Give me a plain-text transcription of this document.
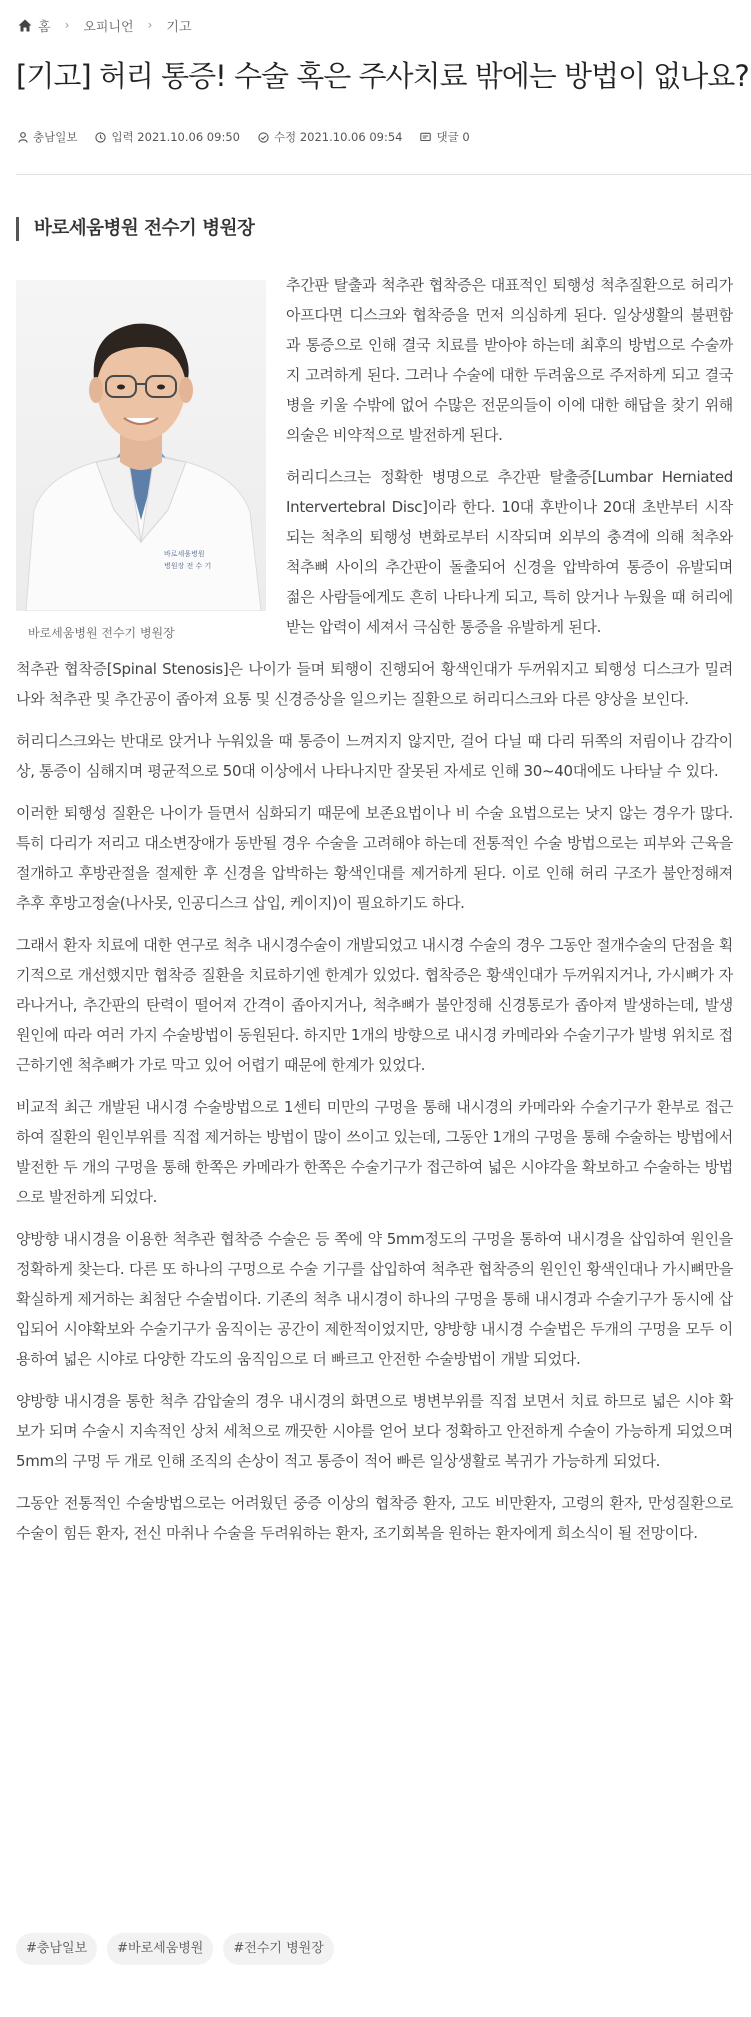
홈 › 오피니언 › 기고
[기고] 허리 통증! 수술 혹은 주사치료 밖에는 방법이 없나요?
충남일보	입력 2021.10.06 09:50	수정 2021.10.06 09:54	댓글 0
바로세움병원 전수기 병원장
바로세움병원
병원장 전 수 기
바로세움병원 전수기 병원장

추간판 탈출과 척추관 협착증은 대표적인 퇴행성 척추질환으로 허리가 아프다면 디스크와 협착증을 먼저 의심하게 된다. 일상생활의 불편함과 통증으로 인해 결국 치료를 받아야 하는데 최후의 방법으로 수술까지 고려하게 된다. 그러나 수술에 대한 두려움으로 주저하게 되고 결국 병을 키울 수밖에 없어 수많은 전문의들이 이에 대한 해답을 찾기 위해 의술은 비약적으로 발전하게 된다.

허리디스크는 정확한 병명으로 추간판 탈출증[Lumbar Herniated Intervertebral Disc]이라 한다. 10대 후반이나 20대 초반부터 시작되는 척추의 퇴행성 변화로부터 시작되며 외부의 충격에 의해 척추와 척추뼈 사이의 추간판이 돌출되어 신경을 압박하여 통증이 유발되며 젊은 사람들에게도 흔히 나타나게 되고, 특히 앉거나 누웠을 때 허리에 받는 압력이 세져서 극심한 통증을 유발하게 된다.

척추관 협착증[Spinal Stenosis]은 나이가 들며 퇴행이 진행되어 황색인대가 두꺼워지고 퇴행성 디스크가 밀려나와 척추관 및 추간공이 좁아져 요통 및 신경증상을 일으키는 질환으로 허리디스크와 다른 양상을 보인다.

허리디스크와는 반대로 앉거나 누워있을 때 통증이 느껴지지 않지만, 걸어 다닐 때 다리 뒤쪽의 저림이나 감각이상, 통증이 심해지며 평균적으로 50대 이상에서 나타나지만 잘못된 자세로 인해 30~40대에도 나타날 수 있다.

이러한 퇴행성 질환은 나이가 들면서 심화되기 때문에 보존요법이나 비 수술 요법으로는 낫지 않는 경우가 많다. 특히 다리가 저리고 대소변장애가 동반될 경우 수술을 고려해야 하는데 전통적인 수술 방법으로는 피부와 근육을 절개하고 후방관절을 절제한 후 신경을 압박하는 황색인대를 제거하게 된다. 이로 인해 허리 구조가 불안정해져 추후 후방고정술(나사못, 인공디스크 삽입, 케이지)이 필요하기도 하다.

그래서 환자 치료에 대한 연구로 척추 내시경수술이 개발되었고 내시경 수술의 경우 그동안 절개수술의 단점을 획기적으로 개선했지만 협착증 질환을 치료하기엔 한계가 있었다. 협착증은 황색인대가 두꺼워지거나, 가시뼈가 자라나거나, 추간판의 탄력이 떨어져 간격이 좁아지거나, 척추뼈가 불안정해 신경통로가 좁아져 발생하는데, 발생 원인에 따라 여러 가지 수술방법이 동원된다. 하지만 1개의 방향으로 내시경 카메라와 수술기구가 발병 위치로 접근하기엔 척추뼈가 가로 막고 있어 어렵기 때문에 한계가 있었다.

비교적 최근 개발된 내시경 수술방법으로 1센티 미만의 구멍을 통해 내시경의 카메라와 수술기구가 환부로 접근하여 질환의 원인부위를 직접 제거하는 방법이 많이 쓰이고 있는데, 그동안 1개의 구멍을 통해 수술하는 방법에서 발전한 두 개의 구멍을 통해 한쪽은 카메라가 한쪽은 수술기구가 접근하여 넓은 시야각을 확보하고 수술하는 방법으로 발전하게 되었다.

양방향 내시경을 이용한 척추관 협착증 수술은 등 쪽에 약 5mm정도의 구멍을 통하여 내시경을 삽입하여 원인을 정확하게 찾는다. 다른 또 하나의 구멍으로 수술 기구를 삽입하여 척추관 협착증의 원인인 황색인대나 가시뼈만을 확실하게 제거하는 최첨단 수술법이다. 기존의 척추 내시경이 하나의 구멍을 통해 내시경과 수술기구가 동시에 삽입되어 시야확보와 수술기구가 움직이는 공간이 제한적이었지만, 양방향 내시경 수술법은 두개의 구멍을 모두 이용하여 넓은 시야로 다양한 각도의 움직임으로 더 빠르고 안전한 수술방법이 개발 되었다.

양방향 내시경을 통한 척추 감압술의 경우 내시경의 화면으로 병변부위를 직접 보면서 치료 하므로 넓은 시야 확보가 되며 수술시 지속적인 상처 세척으로 깨끗한 시야를 얻어 보다 정확하고 안전하게 수술이 가능하게 되었으며 5mm의 구멍 두 개로 인해 조직의 손상이 적고 통증이 적어 빠른 일상생활로 복귀가 가능하게 되었다.

그동안 전통적인 수술방법으로는 어려웠던 중증 이상의 협착증 환자, 고도 비만환자, 고령의 환자, 만성질환으로 수술이 힘든 환자, 전신 마취나 수술을 두려워하는 환자, 조기회복을 원하는 환자에게 희소식이 될 전망이다.

#충남일보	#바로세움병원	#전수기 병원장
